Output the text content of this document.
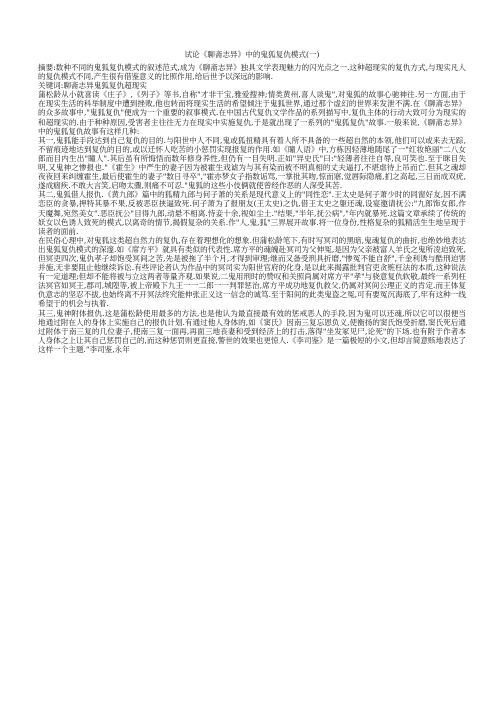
试论《聊斋志异》中的鬼狐复仇模式(一)

摘要:数种不同的鬼狐复仇模式的叙述范式,成为《聊斋志异》独具文学表现魅力的闪光点之一.这种超现实的复仇方式,与现实凡人的复仇模式不同,产生很有借鉴意义的比照作用,给后世予以深远的影响.

关键词:聊斋志异鬼狐复仇超现实

蒲松龄从小就喜读《庄子》,《列子》等书,自称"才非干宝,雅爱搜神;情类黄州,喜人谈鬼",对鬼狐的故事心驰神往.另一方面,由于在现实生活的科举制度中遭到挫败,他也转而将现实生活的希望倾注于鬼狐世界,通过那个虚幻的世界来发泄不满.在《聊斋志异》的众多故事中,"鬼狐复仇"便成为一个重要的叙事模式.在中国古代复仇文学作品的系列描写中,复仇主体的行动大致可分为现实的和超现实的.由于种种原因,受害者主往往无力在现实中实施复仇,于是就出现了一系列的"鬼狐复仇"故事.一般来说,《聊斋志异》中的鬼狐复仇故事有这样几种:

其一,鬼狐能手段达到自己复仇的目的.与阳世中人不同,鬼或狐扭精具有着人所不具备的一些超自然的本领,他们可以或来去无踪,不留痕迹地达到复仇的目的,或以迁怀人吃苦的小惩罚实现报复的作用.如《瞳人语》中,方栋因轻薄地随尾了一"红妆艳丽"二八女郎而目内生出"瞳人".其后虽有所悔悟而数年修身养性,但仍有一目失明.正如"异史氏"曰:"轻薄者往往自辱,良可笑也.至于眯目失明,又鬼神之惨报也."《霍生》中严生的妻子因为被霍生戏谑为与其有染而被不明真相的丈夫逼打,不堪虐待上吊而亡.但其之魂却夜夜回来纠缠霍生,最后使霍生的妻子"数日寻卒","霍亦梦女子指数诟骂,一掌批其吻,惊而寤,觉唇际隐痛,扪之高起,三日而成双疣,遂成痼疾.不敢大言笑,启吻太骤,则痛不可忍."鬼狐的这些小伎俩就使曾经作恶的人深受其苦.

其二,鬼狐借人报仇.《黄九郎》篇中的狐精九郎与何子萧的关系是现代意义上的"同性恋".王太史是何子萧少时的同窗好友,因不满恋臣的贪暴,押特其暴不果,反被恶臣挟逼致死.何子萧为了报朋友(王太史)之仇,借王太史之躯还魂,设宴邀请抚公:"九郎饰女郎,作天魔舞,宛然美女".恶臣抚公"目得九郎,动悬不相离.恃妾十余,视如尘土."结果,"半年,抚公病","年内就暴死.这篇文章承续了传统的妖女以色诱人致死的模式,以离奇的情节,揭假复杂的关系.作"人,鬼,狐"三界展开故事.将一位身份,性格复杂的狐精活生生地呈现于读者的面前.

在民俗心理中,对鬼狐这类超自然力的复仇,存在着理想化的想象.但蒲松龄笔下,有时写冥司的黑暗,鬼魂复仇的曲折,也绝妙地表达出鬼狐复仇模式的深邃.如《席方平》就具有类似的代表性.席方平的魂魄赴冥司为父伸冤,是因为父亲被富人羊氏之鬼所凌迫致死,但冥吏四次,鬼仇孝子却饱受冥间之苦,先是被拖了半个月,才得到审理;继而又备受刑具折磨,"惨冤不能自舒",千金利诱与酷刑迫害并施,无非要阻止他继续诉讼.有些评论者认为作品中的冥司实为阳世官府的化身,是以此来揭露批判官吏贪赃枉法的本质,这种说法有一定道理;但却不能将被与立这两者等量齐观.如果说,二鬼用刑时的赞叹和关照尚属对席方平"孝"与骁意复仇软敬,最终一系列枉法冥官如冥王,郡司,城隍等,被上帝殿下九王一一二郎一一判罪惩治,席方平成功地复仇救父,仍属对冥间公理正义的肯定.而王体复仇意志的坚忍不拔,也始终离不开冥法终究能伸张正义这一信念的诚笃.至于阳间的此类鬼盗之冤,可有要冤沉海底了,牢有这种一线希望于的机会与执着.

其三,鬼神附体报仇.这是蒲松龄使用最多的方法,也是他认为最直接最有效的惩戒恶人的手段.因为鬼可以还魂,所以它可以很便当地通过附在人的身体上实施自己的报仇计划.有通过他人身体的,如《窦氏》因南三复忘恩负义,使衡扬的窦氏饱受折磨,窦氏死后通过附体于南三复的几位妻子,使南三复一面再,再面三地丧妻和受到经济上的打击,落得"坐发冢见尸,论死"的下场.也有附于作者本人身体之上让其自己惩罚自己的,而这种惩罚则更直接,警世的效果也更惊人.《李司鉴》是一篇极短的小文,但却言简意赅地表达了这样一个主题."李司鉴,永年
